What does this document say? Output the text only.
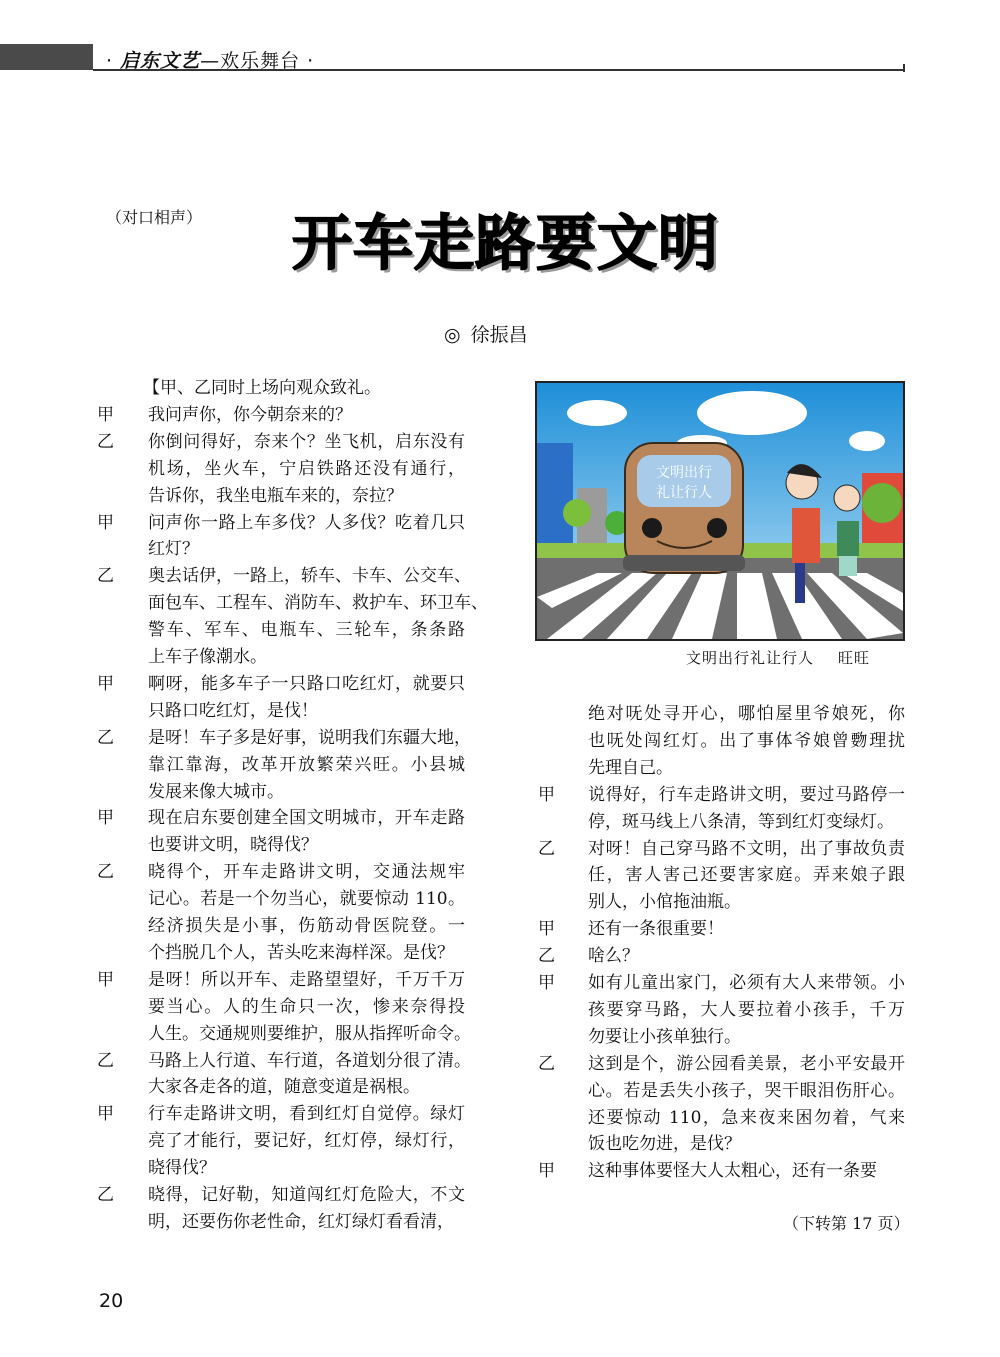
· 启东文艺—欢乐舞台 ·
（对口相声） 开车走路要文明
◎ 徐振昌
【甲、乙同时上场向观众致礼。
甲 我问声你，你今朝奈来的？
乙 你倒问得好，奈来个？坐飞机，启东没有
机场，坐火车，宁启铁路还没有通行，
告诉你，我坐电瓶车来的，奈拉？
甲 问声你一路上车多伐？人多伐？吃着几只
红灯？
乙 奥去话伊，一路上，轿车、卡车、公交车、
面包车、工程车、消防车、救护车、环卫车、
警车、军车、电瓶车、三轮车，条条路
上车子像潮水。
甲 啊呀，能多车子一只路口吃红灯，就要只
只路口吃红灯，是伐！
乙 是呀！车子多是好事，说明我们东疆大地，
靠江靠海，改革开放繁荣兴旺。小县城
发展来像大城市。
甲 现在启东要创建全国文明城市，开车走路
也要讲文明，晓得伐？
乙 晓得个，开车走路讲文明，交通法规牢
记心。若是一个勿当心，就要惊动 110。
经济损失是小事，伤筋动骨医院登。一
个挡脱几个人，苦头吃来海样深。是伐？
甲 是呀！所以开车、走路望望好，千万千万
要当心。人的生命只一次，惨来奈得投
人生。交通规则要维护，服从指挥听命令。
乙 马路上人行道、车行道，各道划分很了清。
大家各走各的道，随意变道是祸根。
甲 行车走路讲文明，看到红灯自觉停。绿灯
亮了才能行，要记好，红灯停，绿灯行，
晓得伐？
乙 晓得，记好勒，知道闯红灯危险大，不文
明，还要伤你老性命，红灯绿灯看看清，
绝对呒处寻开心，哪怕屋里爷娘死，你
也呒处闯红灯。出了事体爷娘曾覅理扰
先理自己。
甲 说得好，行车走路讲文明，要过马路停一
停，斑马线上八条清，等到红灯变绿灯。
乙 对呀！自己穿马路不文明，出了事故负责
任，害人害己还要害家庭。弄来娘子跟
别人，小倌拖油瓶。
甲 还有一条很重要！
乙 啥么？
甲 如有儿童出家门，必须有大人来带领。小
孩要穿马路，大人要拉着小孩手，千万
勿要让小孩单独行。
乙 这到是个，游公园看美景，老小平安最开
心。若是丢失小孩子，哭干眼泪伤肝心。
还要惊动 110，急来夜来困勿着，气来
饭也吃勿进，是伐？
甲 这种事体要怪大人太粗心，还有一条要
文明出行
礼让行人
文明出行礼让行人 旺旺
（下转第 17 页）
20
